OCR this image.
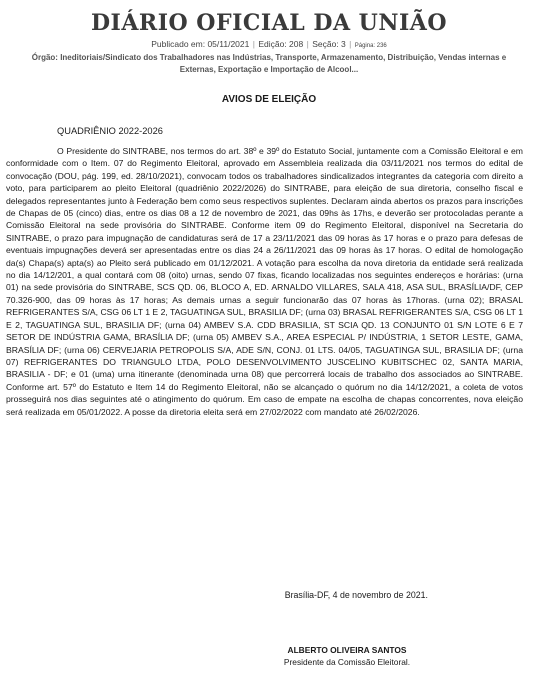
DIÁRIO OFICIAL DA UNIÃO
Publicado em: 05/11/2021 | Edição: 208 | Seção: 3 | Página: 236
Órgão: Ineditoriais/Sindicato dos Trabalhadores nas Indústrias, Transporte, Armazenamento, Distribuição, Vendas internas e Externas, Exportação e Importação de Alcool...
AVIOS DE ELEIÇÃO
QUADRIÊNIO 2022-2026

O Presidente do SINTRABE, nos termos do art. 38º e 39º do Estatuto Social, juntamente com a Comissão Eleitoral e em conformidade com o Item. 07 do Regimento Eleitoral, aprovado em Assembleia realizada dia 03/11/2021 nos termos do edital de convocação (DOU, pág. 199, ed. 28/10/2021), convocam todos os trabalhadores sindicalizados integrantes da categoria com direito a voto, para participarem ao pleito Eleitoral (quadriênio 2022/2026) do SINTRABE, para eleição de sua diretoria, conselho fiscal e delegados representantes junto à Federação bem como seus respectivos suplentes. Declaram ainda abertos os prazos para inscrições de Chapas de 05 (cinco) dias, entre os dias 08 a 12 de novembro de 2021, das 09hs às 17hs, e deverão ser protocoladas perante a Comissão Eleitoral na sede provisória do SINTRABE. Conforme item 09 do Regimento Eleitoral, disponível na Secretaria do SINTRABE, o prazo para impugnação de candidaturas será de 17 a 23/11/2021 das 09 horas às 17 horas e o prazo para defesas de eventuais impugnações deverá ser apresentadas entre os dias 24 a 26/11/2021 das 09 horas às 17 horas. O edital de homologação da(s) Chapa(s) apta(s) ao Pleito será publicado em 01/12/2021. A votação para escolha da nova diretoria da entidade será realizada no dia 14/12/201, a qual contará com 08 (oito) urnas, sendo 07 fixas, ficando localizadas nos seguintes endereços e horárias: (urna 01) na sede provisória do SINTRABE, SCS QD. 06, BLOCO A, ED. ARNALDO VILLARES, SALA 418, ASA SUL, BRASÍLIA/DF, CEP 70.326-900, das 09 horas às 17 horas; As demais urnas a seguir funcionarão das 07 horas às 17horas. (urna 02); BRASAL REFRIGERANTES S/A, CSG 06 LT 1 E 2, TAGUATINGA SUL, BRASILIA DF; (urna 03) BRASAL REFRIGERANTES S/A, CSG 06 LT 1 E 2, TAGUATINGA SUL, BRASILIA DF; (urna 04) AMBEV S.A. CDD BRASILIA, ST SCIA QD. 13 CONJUNTO 01 S/N LOTE 6 E 7 SETOR DE INDÚSTRIA GAMA, BRASÍLIA DF; (urna 05) AMBEV S.A., AREA ESPECIAL P/ INDÚSTRIA, 1 SETOR LESTE, GAMA, BRASÍLIA DF; (urna 06) CERVEJARIA PETROPOLIS S/A, ADE S/N, CONJ. 01 LTS. 04/05, TAGUATINGA SUL, BRASILIA DF; (urna 07) REFRIGERANTES DO TRIANGULO LTDA, POLO DESENVOLVIMENTO JUSCELINO KUBITSCHEC 02, SANTA MARIA, BRASILIA - DF; e 01 (uma) urna itinerante (denominada urna 08) que percorrerá locais de trabalho dos associados ao SINTRABE. Conforme art. 57º do Estatuto e Item 14 do Regimento Eleitoral, não se alcançado o quórum no dia 14/12/2021, a coleta de votos prosseguirá nos dias seguintes até o atingimento do quórum. Em caso de empate na escolha de chapas concorrentes, nova eleição será realizada em 05/01/2022. A posse da diretoria eleita será em 27/02/2022 com mandato até 26/02/2026.

Brasília-DF, 4 de novembro de 2021.
ALBERTO OLIVEIRA SANTOS
Presidente da Comissão Eleitoral.
